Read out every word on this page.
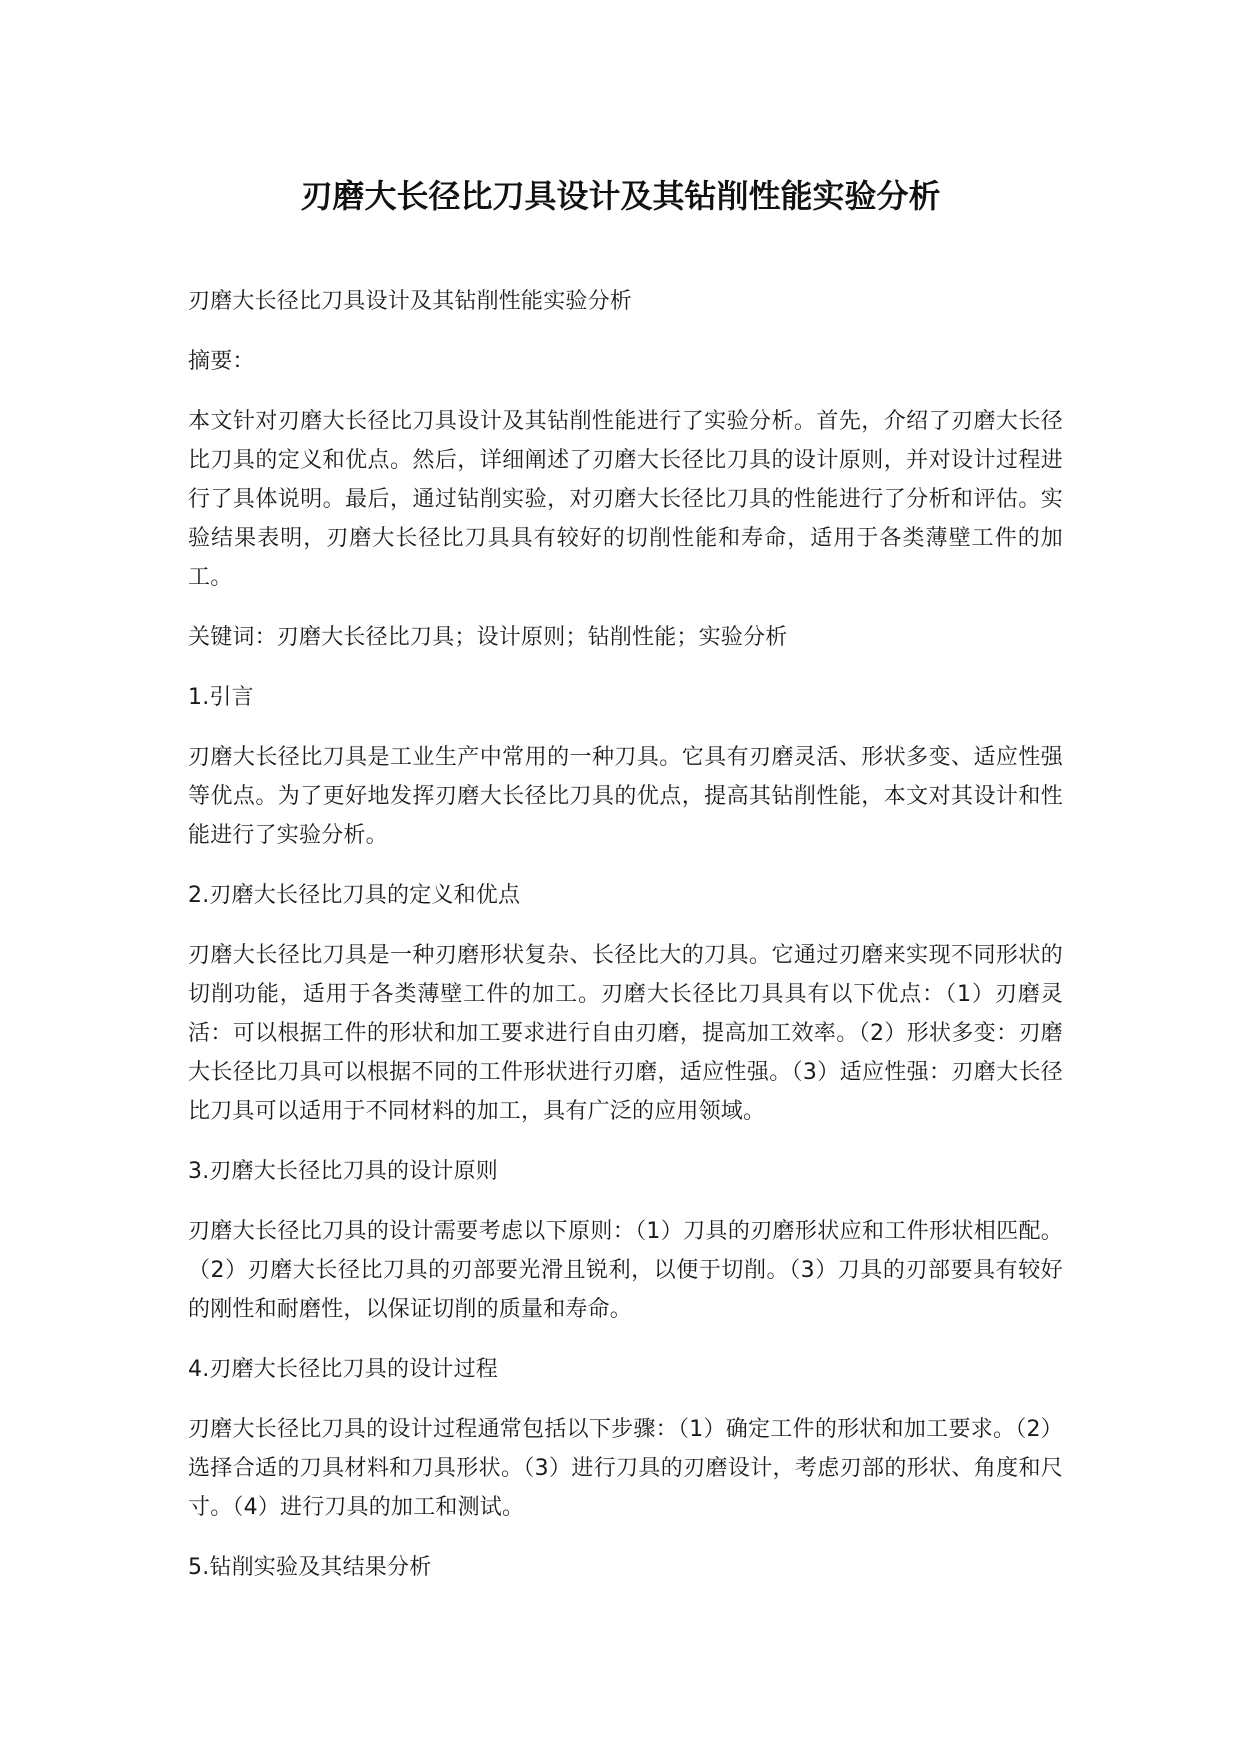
刃磨大长径比刀具设计及其钻削性能实验分析

刃磨大长径比刀具设计及其钻削性能实验分析

摘要：

本文针对刃磨大长径比刀具设计及其钻削性能进行了实验分析。首先，介绍了刃磨大长径比刀具的定义和优点。然后，详细阐述了刃磨大长径比刀具的设计原则，并对设计过程进行了具体说明。最后，通过钻削实验，对刃磨大长径比刀具的性能进行了分析和评估。实验结果表明，刃磨大长径比刀具具有较好的切削性能和寿命，适用于各类薄壁工件的加工。

关键词：刃磨大长径比刀具；设计原则；钻削性能；实验分析

1.引言

刃磨大长径比刀具是工业生产中常用的一种刀具。它具有刃磨灵活、形状多变、适应性强等优点。为了更好地发挥刃磨大长径比刀具的优点，提高其钻削性能，本文对其设计和性能进行了实验分析。

2.刃磨大长径比刀具的定义和优点

刃磨大长径比刀具是一种刃磨形状复杂、长径比大的刀具。它通过刃磨来实现不同形状的切削功能，适用于各类薄壁工件的加工。刃磨大长径比刀具具有以下优点：（1）刃磨灵活：可以根据工件的形状和加工要求进行自由刃磨，提高加工效率。（2）形状多变：刃磨大长径比刀具可以根据不同的工件形状进行刃磨，适应性强。（3）适应性强：刃磨大长径比刀具可以适用于不同材料的加工，具有广泛的应用领域。

3.刃磨大长径比刀具的设计原则

刃磨大长径比刀具的设计需要考虑以下原则：（1）刀具的刃磨形状应和工件形状相匹配。（2）刃磨大长径比刀具的刃部要光滑且锐利，以便于切削。（3）刀具的刃部要具有较好的刚性和耐磨性，以保证切削的质量和寿命。

4.刃磨大长径比刀具的设计过程

刃磨大长径比刀具的设计过程通常包括以下步骤：（1）确定工件的形状和加工要求。（2）选择合适的刀具材料和刀具形状。（3）进行刀具的刃磨设计，考虑刃部的形状、角度和尺寸。（4）进行刀具的加工和测试。

5.钻削实验及其结果分析
